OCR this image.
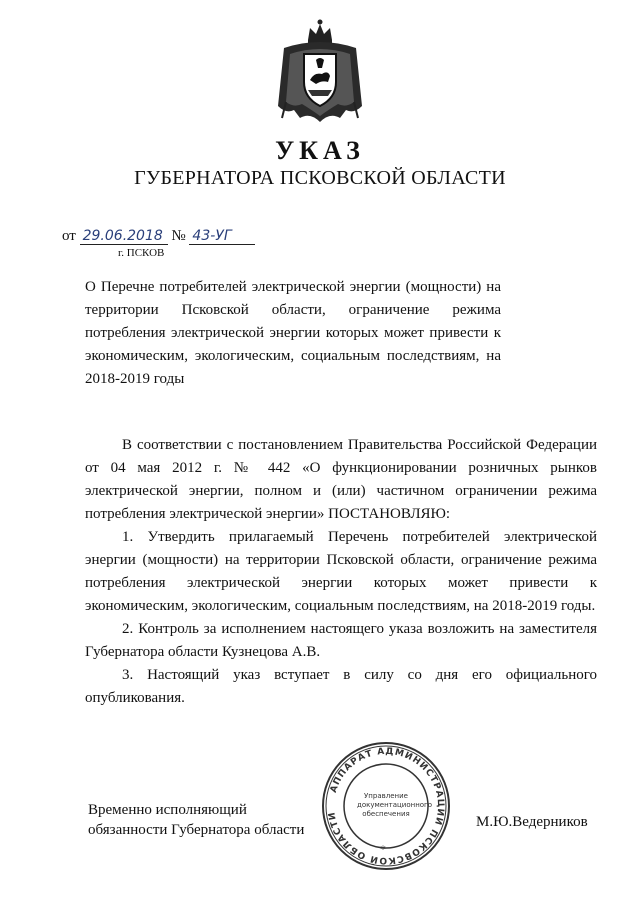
УКАЗ
ГУБЕРНАТОРА ПСКОВСКОЙ ОБЛАСТИ
от 29.06.2018 № 43-УГ
г. ПСКОВ
О Перечне потребителей электрической энергии (мощности) на территории Псковской области, ограничение режима потребления электрической энергии которых может привести к экономическим, экологическим, социальным последствиям, на 2018-2019 годы

В соответствии с постановлением Правительства Российской Федерации от 04 мая 2012 г. № 442 «О функционировании розничных рынков электрической энергии, полном и (или) частичном ограничении режима потребления электрической энергии» ПОСТАНОВЛЯЮ:

1. Утвердить прилагаемый Перечень потребителей электрической энергии (мощности) на территории Псковской области, ограничение режима потребления электрической энергии которых может привести к экономическим, экологическим, социальным последствиям, на 2018-2019 годы.

2. Контроль за исполнением настоящего указа возложить на заместителя Губернатора области Кузнецова А.В.

3. Настоящий указ вступает в силу со дня его официального опубликования.

Временно исполняющий
обязанности Губернатора области	М.Ю.Ведерников
АППАРАТ АДМИНИСТРАЦИИ ПСКОВСКОЙ ОБЛАСТИ
Управление
документационного
обеспечения
*
